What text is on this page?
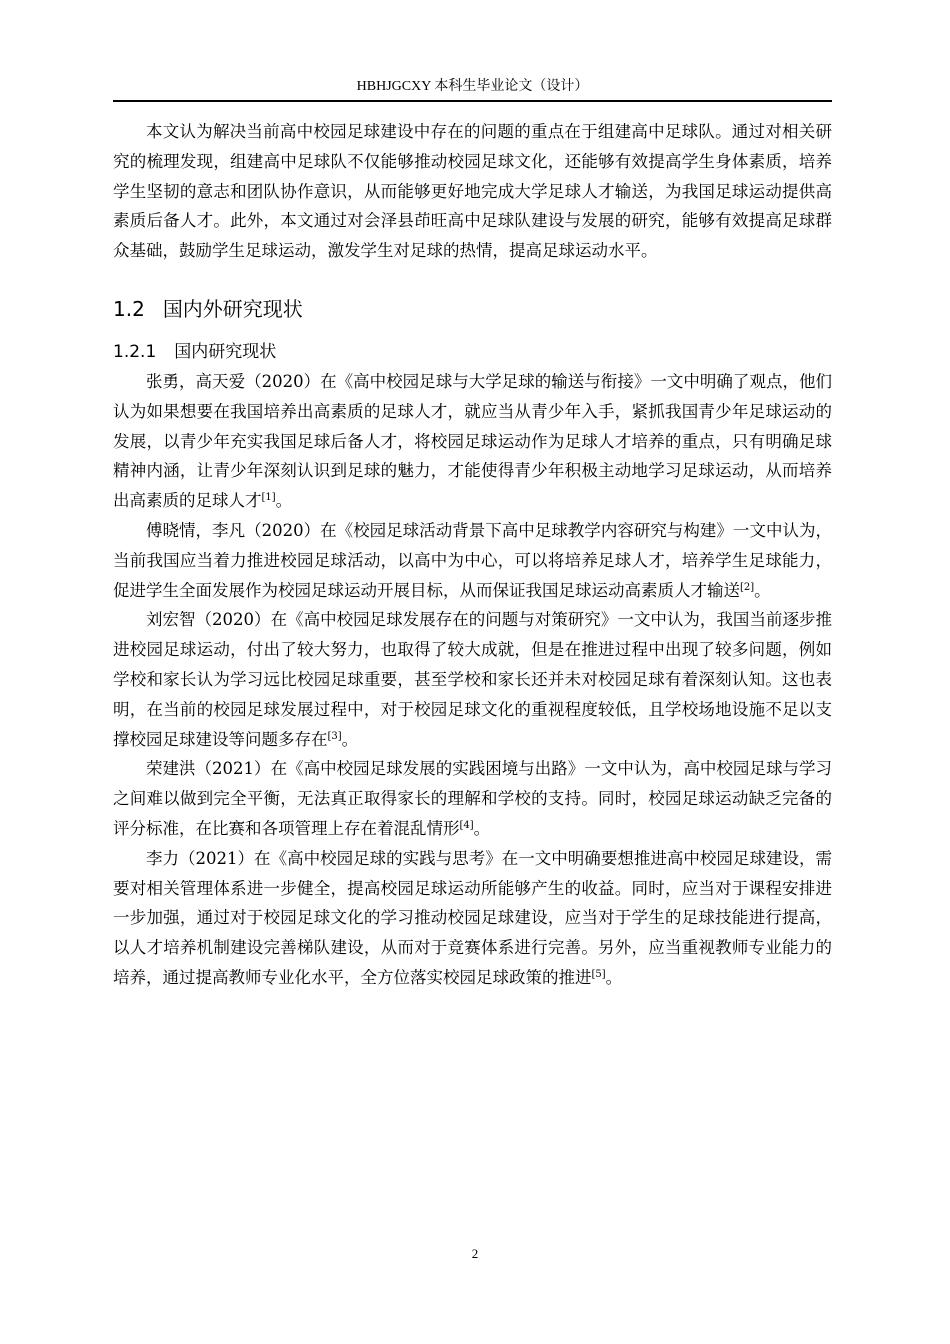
HBHJGCXY 本科生毕业论文（设计）

本文认为解决当前高中校园足球建设中存在的问题的重点在于组建高中足球队。通过对相关研究的梳理发现，组建高中足球队不仅能够推动校园足球文化，还能够有效提高学生身体素质，培养学生坚韧的意志和团队协作意识，从而能够更好地完成大学足球人才输送，为我国足球运动提供高素质后备人才。此外，本文通过对会泽县茚旺高中足球队建设与发展的研究，能够有效提高足球群众基础，鼓励学生足球运动，激发学生对足球的热情，提高足球运动水平。

1.2 国内外研究现状
1.2.1 国内研究现状

张勇，高天爱（2020）在《高中校园足球与大学足球的输送与衔接》一文中明确了观点，他们认为如果想要在我国培养出高素质的足球人才，就应当从青少年入手，紧抓我国青少年足球运动的发展，以青少年充实我国足球后备人才，将校园足球运动作为足球人才培养的重点，只有明确足球精神内涵，让青少年深刻认识到足球的魅力，才能使得青少年积极主动地学习足球运动，从而培养出高素质的足球人才[1]。

傅晓情，李凡（2020）在《校园足球活动背景下高中足球教学内容研究与构建》一文中认为，当前我国应当着力推进校园足球活动，以高中为中心，可以将培养足球人才，培养学生足球能力，促进学生全面发展作为校园足球运动开展目标，从而保证我国足球运动高素质人才输送[2]。

刘宏智（2020）在《高中校园足球发展存在的问题与对策研究》一文中认为，我国当前逐步推进校园足球运动，付出了较大努力，也取得了较大成就，但是在推进过程中出现了较多问题，例如学校和家长认为学习远比校园足球重要，甚至学校和家长还并未对校园足球有着深刻认知。这也表明，在当前的校园足球发展过程中，对于校园足球文化的重视程度较低，且学校场地设施不足以支撑校园足球建设等问题多存在[3]。

荣建洪（2021）在《高中校园足球发展的实践困境与出路》一文中认为，高中校园足球与学习之间难以做到完全平衡，无法真正取得家长的理解和学校的支持。同时，校园足球运动缺乏完备的评分标准，在比赛和各项管理上存在着混乱情形[4]。

李力（2021）在《高中校园足球的实践与思考》在一文中明确要想推进高中校园足球建设，需要对相关管理体系进一步健全，提高校园足球运动所能够产生的收益。同时，应当对于课程安排进一步加强，通过对于校园足球文化的学习推动校园足球建设，应当对于学生的足球技能进行提高，以人才培养机制建设完善梯队建设，从而对于竞赛体系进行完善。另外，应当重视教师专业能力的培养，通过提高教师专业化水平，全方位落实校园足球政策的推进[5]。

2
